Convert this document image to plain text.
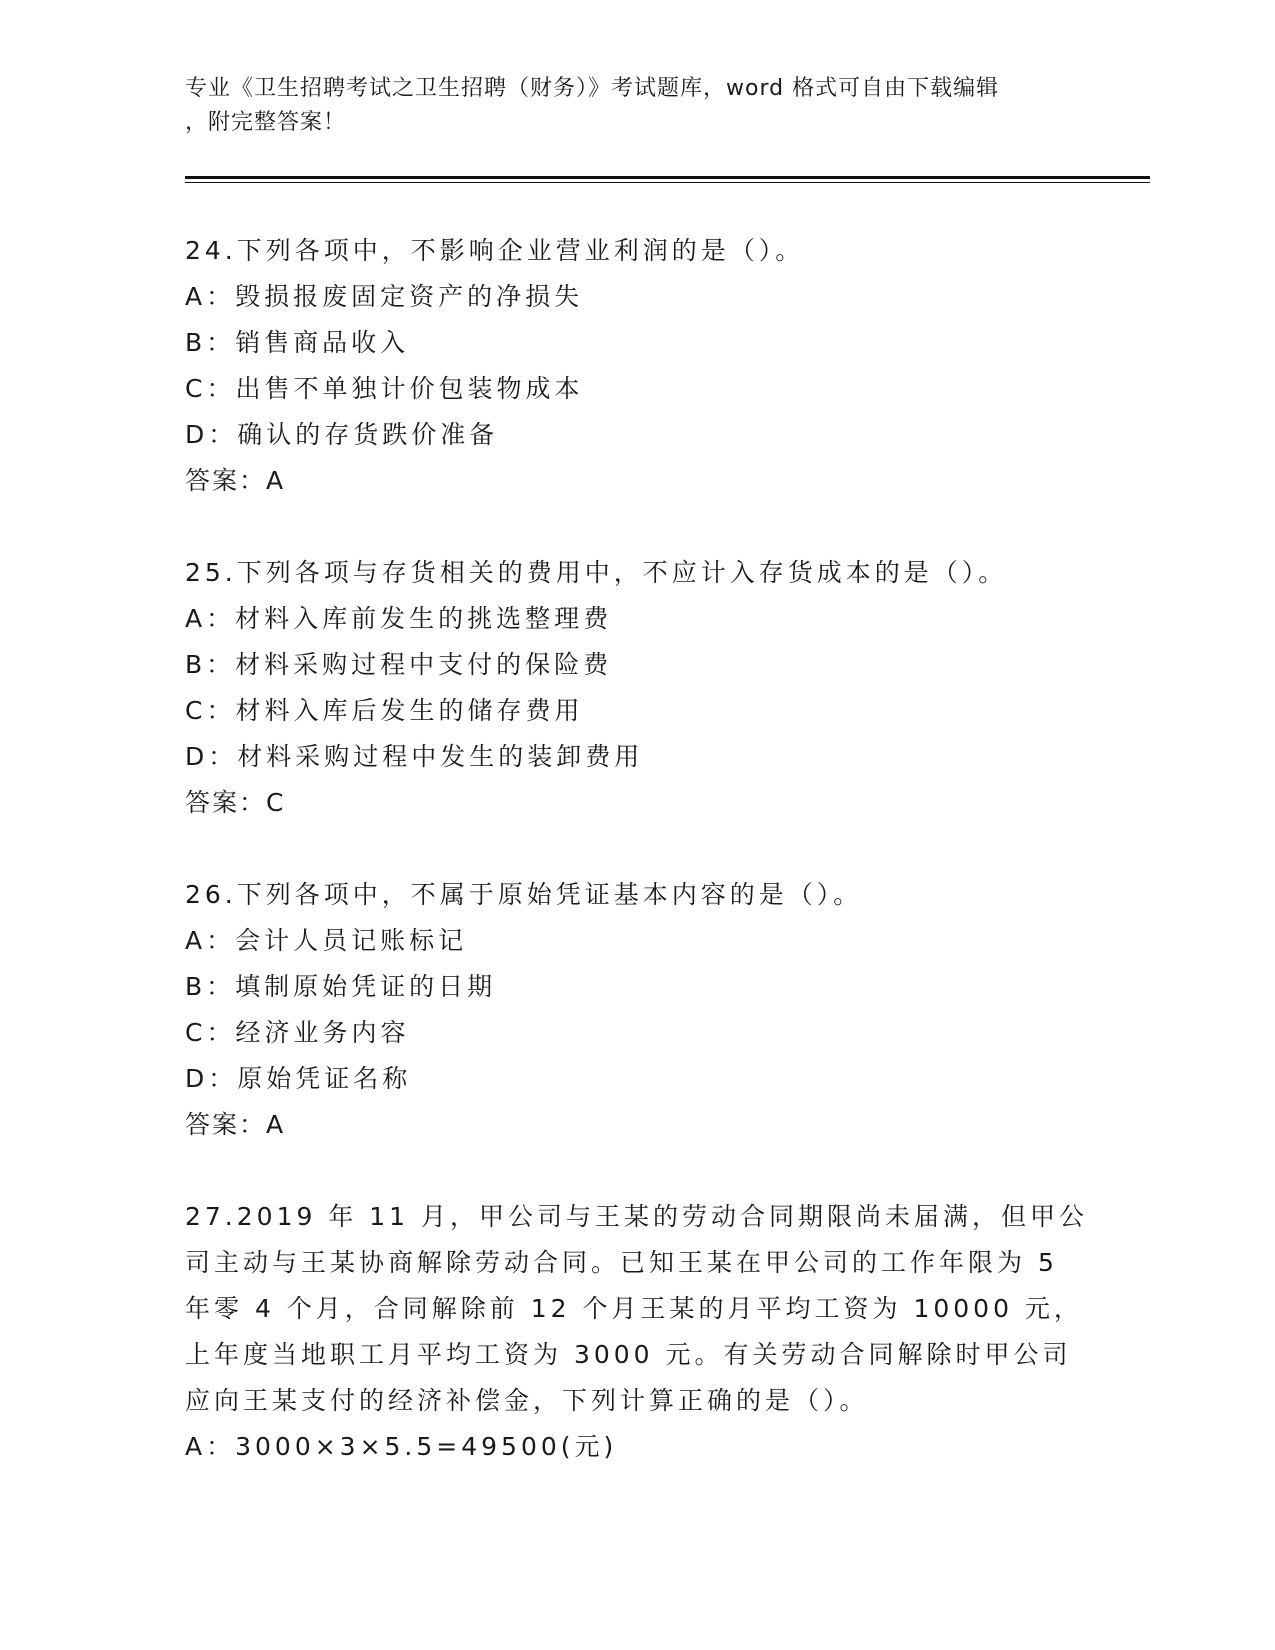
专业《卫生招聘考试之卫生招聘（财务）》考试题库，word 格式可自由下载编辑
，附完整答案！

24.下列各项中，不影响企业营业利润的是（）。

A：毁损报废固定资产的净损失

B：销售商品收入

C：出售不单独计价包装物成本

D：确认的存货跌价准备

答案：A

25.下列各项与存货相关的费用中，不应计入存货成本的是（）。

A：材料入库前发生的挑选整理费

B：材料采购过程中支付的保险费

C：材料入库后发生的储存费用

D：材料采购过程中发生的装卸费用

答案：C

26.下列各项中，不属于原始凭证基本内容的是（）。

A：会计人员记账标记

B：填制原始凭证的日期

C：经济业务内容

D：原始凭证名称

答案：A

27.2019 年 11 月，甲公司与王某的劳动合同期限尚未届满，但甲公司主动与王某协商解除劳动合同。已知王某在甲公司的工作年限为 5 年零 4 个月，合同解除前 12 个月王某的月平均工资为 10000 元，上年度当地职工月平均工资为 3000 元。有关劳动合同解除时甲公司应向王某支付的经济补偿金，下列计算正确的是（）。

A：3000×3×5.5=49500(元)
